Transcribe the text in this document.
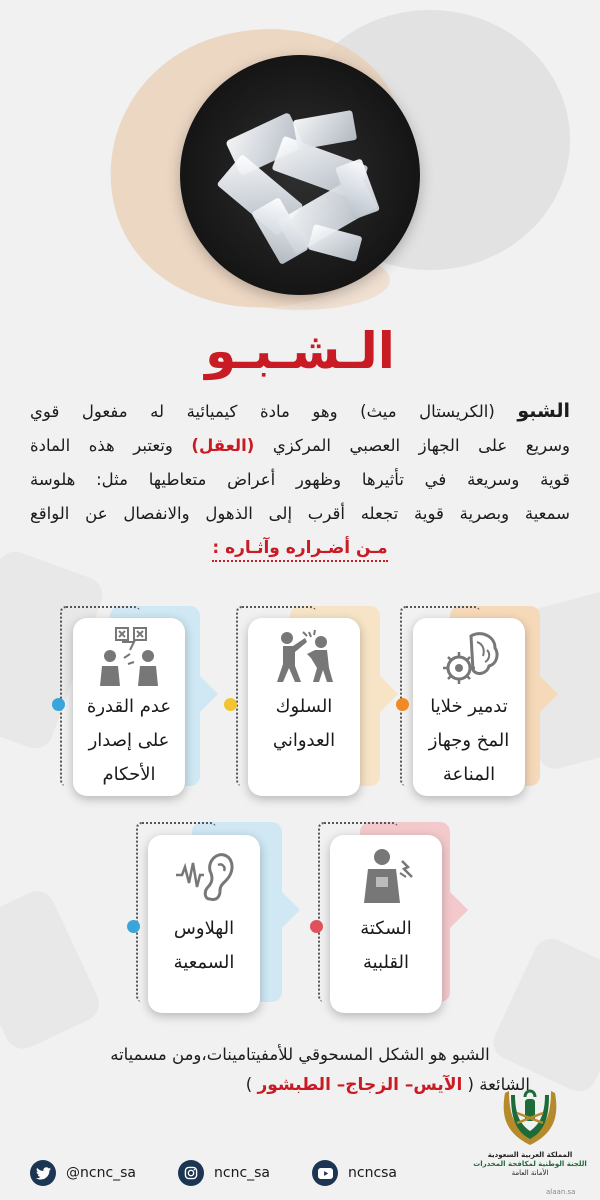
الـشـبـو
الشبو (الكريستال ميث) وهو مادة كيميائية له مفعول قوي
وسريع على الجهاز العصبي المركزي (العقل) وتعتبر هذه المادة
قوية وسريعة في تأثيرها وظهور أعراض متعاطيها مثل: هلوسة
سمعية وبصرية قوية تجعله أقرب إلى الذهول والانفصال عن الواقع
مـن أضـراره وآثـاره :
تدمير خلايا
المخ وجهاز
المناعة
السلوك
العدواني
عدم القدرة
على إصدار
الأحكام
السكتة
القلبية
الهلاوس
السمعية
الشبو هو الشكل المسحوقي للأمفيتامينات،ومن مسمياته
الشائعة ( الآيس– الزجاج– الطبشور )
المملكة العربية السعودية
اللجنة الوطنية لمكافحة المخدرات
الأمانة العامة
@ncnc_sa	ncnc_sa	ncncsa
alaan.sa
